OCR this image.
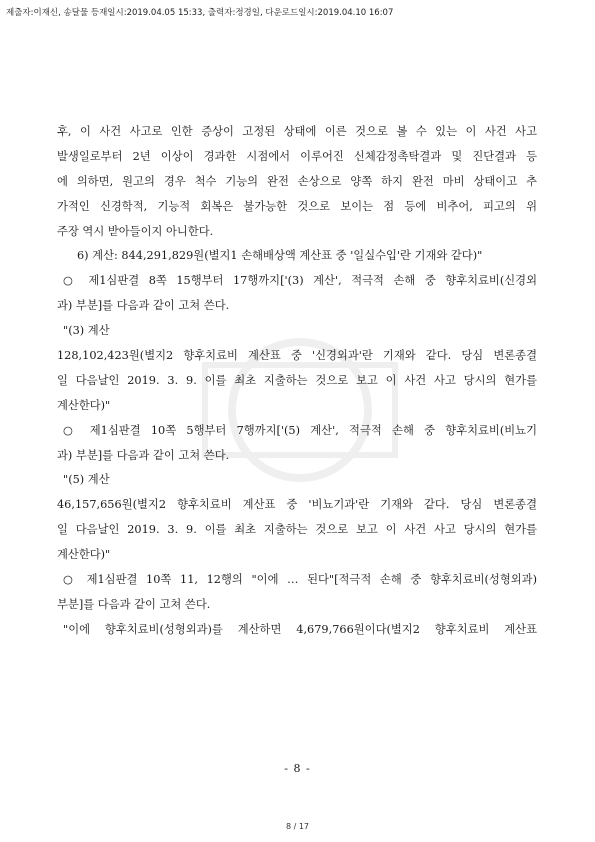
제출자:이재신, 송달물 등재일시:2019.04.05 15:33, 출력자:정경일, 다운로드일시:2019.04.10 16:07
후, 이 사건 사고로 인한 증상이 고정된 상태에 이른 것으로 볼 수 있는 이 사건 사고
발생일로부터 2년 이상이 경과한 시점에서 이루어진 신체감정촉탁결과 및 진단결과 등
에 의하면, 원고의 경우 척수 기능의 완전 손상으로 양쪽 하지 완전 마비 상태이고 추
가적인 신경학적, 기능적 회복은 불가능한 것으로 보이는 점 등에 비추어, 피고의 위
주장 역시 받아들이지 아니한다.
6) 계산: 844,291,829원(별지1 손해배상액 계산표 중 '일실수입'란 기재와 같다)"
○ 제1심판결 8쪽 15행부터 17행까지['(3) 계산', 적극적 손해 중 향후치료비(신경외
과) 부분]를 다음과 같이 고쳐 쓴다.
"(3) 계산
128,102,423원(별지2 향후치료비 계산표 중 '신경외과'란 기재와 같다. 당심 변론종결
일 다음날인 2019. 3. 9. 이를 최초 지출하는 것으로 보고 이 사건 사고 당시의 현가를
계산한다)"
○ 제1심판결 10쪽 5행부터 7행까지['(5) 계산', 적극적 손해 중 향후치료비(비뇨기
과) 부분]를 다음과 같이 고쳐 쓴다.
"(5) 계산
46,157,656원(별지2 향후치료비 계산표 중 '비뇨기과'란 기재와 같다. 당심 변론종결
일 다음날인 2019. 3. 9. 이를 최초 지출하는 것으로 보고 이 사건 사고 당시의 현가를
계산한다)"
○ 제1심판결 10쪽 11, 12행의 "이에 … 된다"[적극적 손해 중 향후치료비(성형외과)
부분]를 다음과 같이 고쳐 쓴다.
"이에 향후치료비(성형외과)를 계산하면 4,679,766원이다(별지2 향후치료비 계산표
- 8 -
8 / 17
